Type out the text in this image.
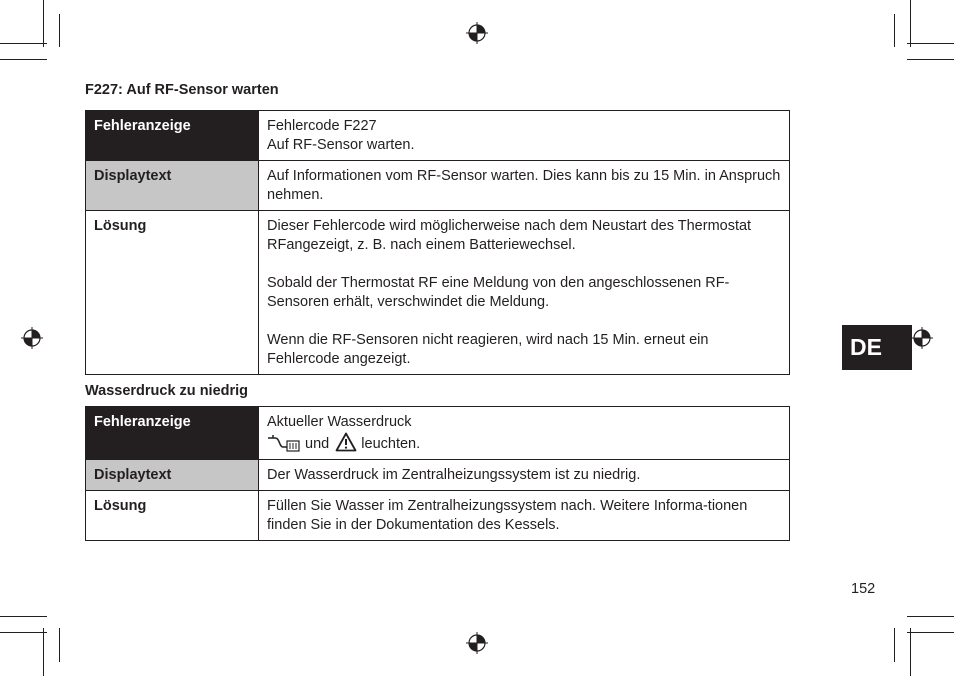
F227: Auf RF-Sensor warten
Fehleranzeige	Fehlercode F227
Auf RF-Sensor warten.

Displaytext	Auf Informationen vom RF-Sensor warten. Dies kann bis zu 15 Min. in Anspruch nehmen.
Lösung	Dieser Fehlercode wird möglicherweise nach dem Neustart des Thermostat RFangezeigt, z. B. nach einem Batteriewechsel.
Sobald der Thermostat RF eine Meldung von den angeschlossenen RF-Sensoren erhält, verschwindet die Meldung.
Wenn die RF-Sensoren nicht reagieren, wird nach 15 Min. erneut ein Fehlercode angezeigt.
Wasserdruck zu niedrig
Fehleranzeige	Aktueller Wasserdruck
und leuchten.

Displaytext	Der Wasserdruck im Zentralheizungssystem ist zu niedrig.
Lösung	Füllen Sie Wasser im Zentralheizungssystem nach. Weitere Informa-tionen finden Sie in der Dokumentation des Kessels.
DE
152
